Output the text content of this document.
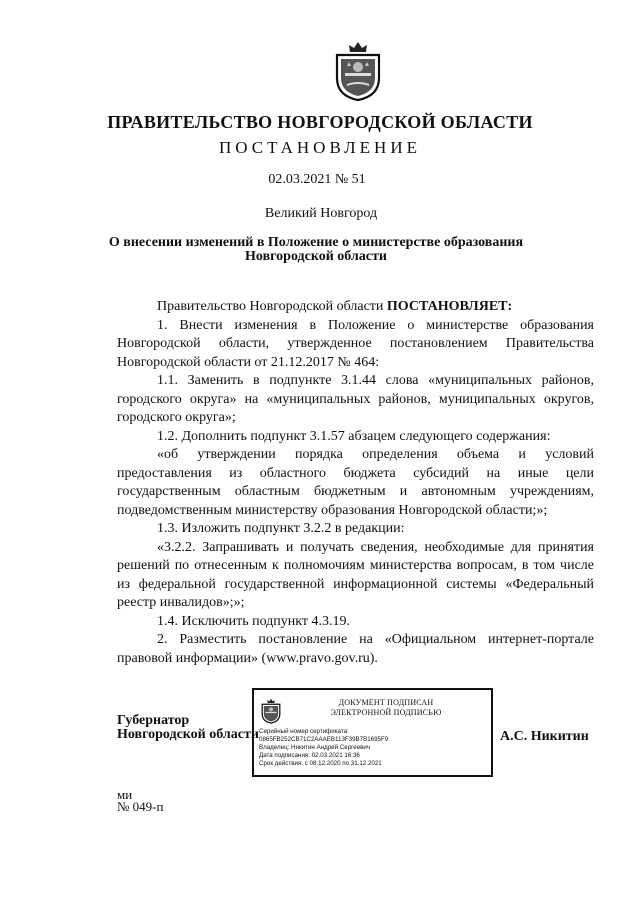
ПРАВИТЕЛЬСТВО НОВГОРОДСКОЙ ОБЛАСТИ
ПОСТАНОВЛЕНИЕ
02.03.2021 № 51
Великий Новгород
О внесении изменений в Положение о министерстве образования
Новгородской области

Правительство Новгородской области ПОСТАНОВЛЯЕТ:

1. Внести изменения в Положение о министерстве образования Новгородской области, утвержденное постановлением Правительства Новгородской области от 21.12.2017 № 464:

1.1. Заменить в подпункте 3.1.44 слова «муниципальных районов, городского округа» на «муниципальных районов, муниципальных округов, городского округа»;

1.2. Дополнить подпункт 3.1.57 абзацем следующего содержания:

«об утверждении порядка определения объема и условий предоставления из областного бюджета субсидий на иные цели государственным областным бюджетным и автономным учреждениям, подведомственным министерству образования Новгородской области;»;

1.3. Изложить подпункт 3.2.2 в редакции:

«3.2.2. Запрашивать и получать сведения, необходимые для принятия решений по отнесенным к полномочиям министерства вопросам, в том числе из федеральной государственной информационной системы «Федеральный реестр инвалидов»;»;

1.4. Исключить подпункт 4.3.19.

2. Разместить постановление на «Официальном интернет-портале правовой информации» (www.pravo.gov.ru).

Губернатор
Новгородской области
ДОКУМЕНТ ПОДПИСАН
ЭЛЕКТРОННОЙ ПОДПИСЬЮ
Серийный номер сертификата:
0865FB252CB71C2AAAEB113F39B7B1695F9
Владелец: Никитин Андрей Сергеевич
Дата подписания: 02.03.2021 16:36
Срок действия: с 08.12.2020 по 31.12.2021
А.С. Никитин
ми
№ 049-п
